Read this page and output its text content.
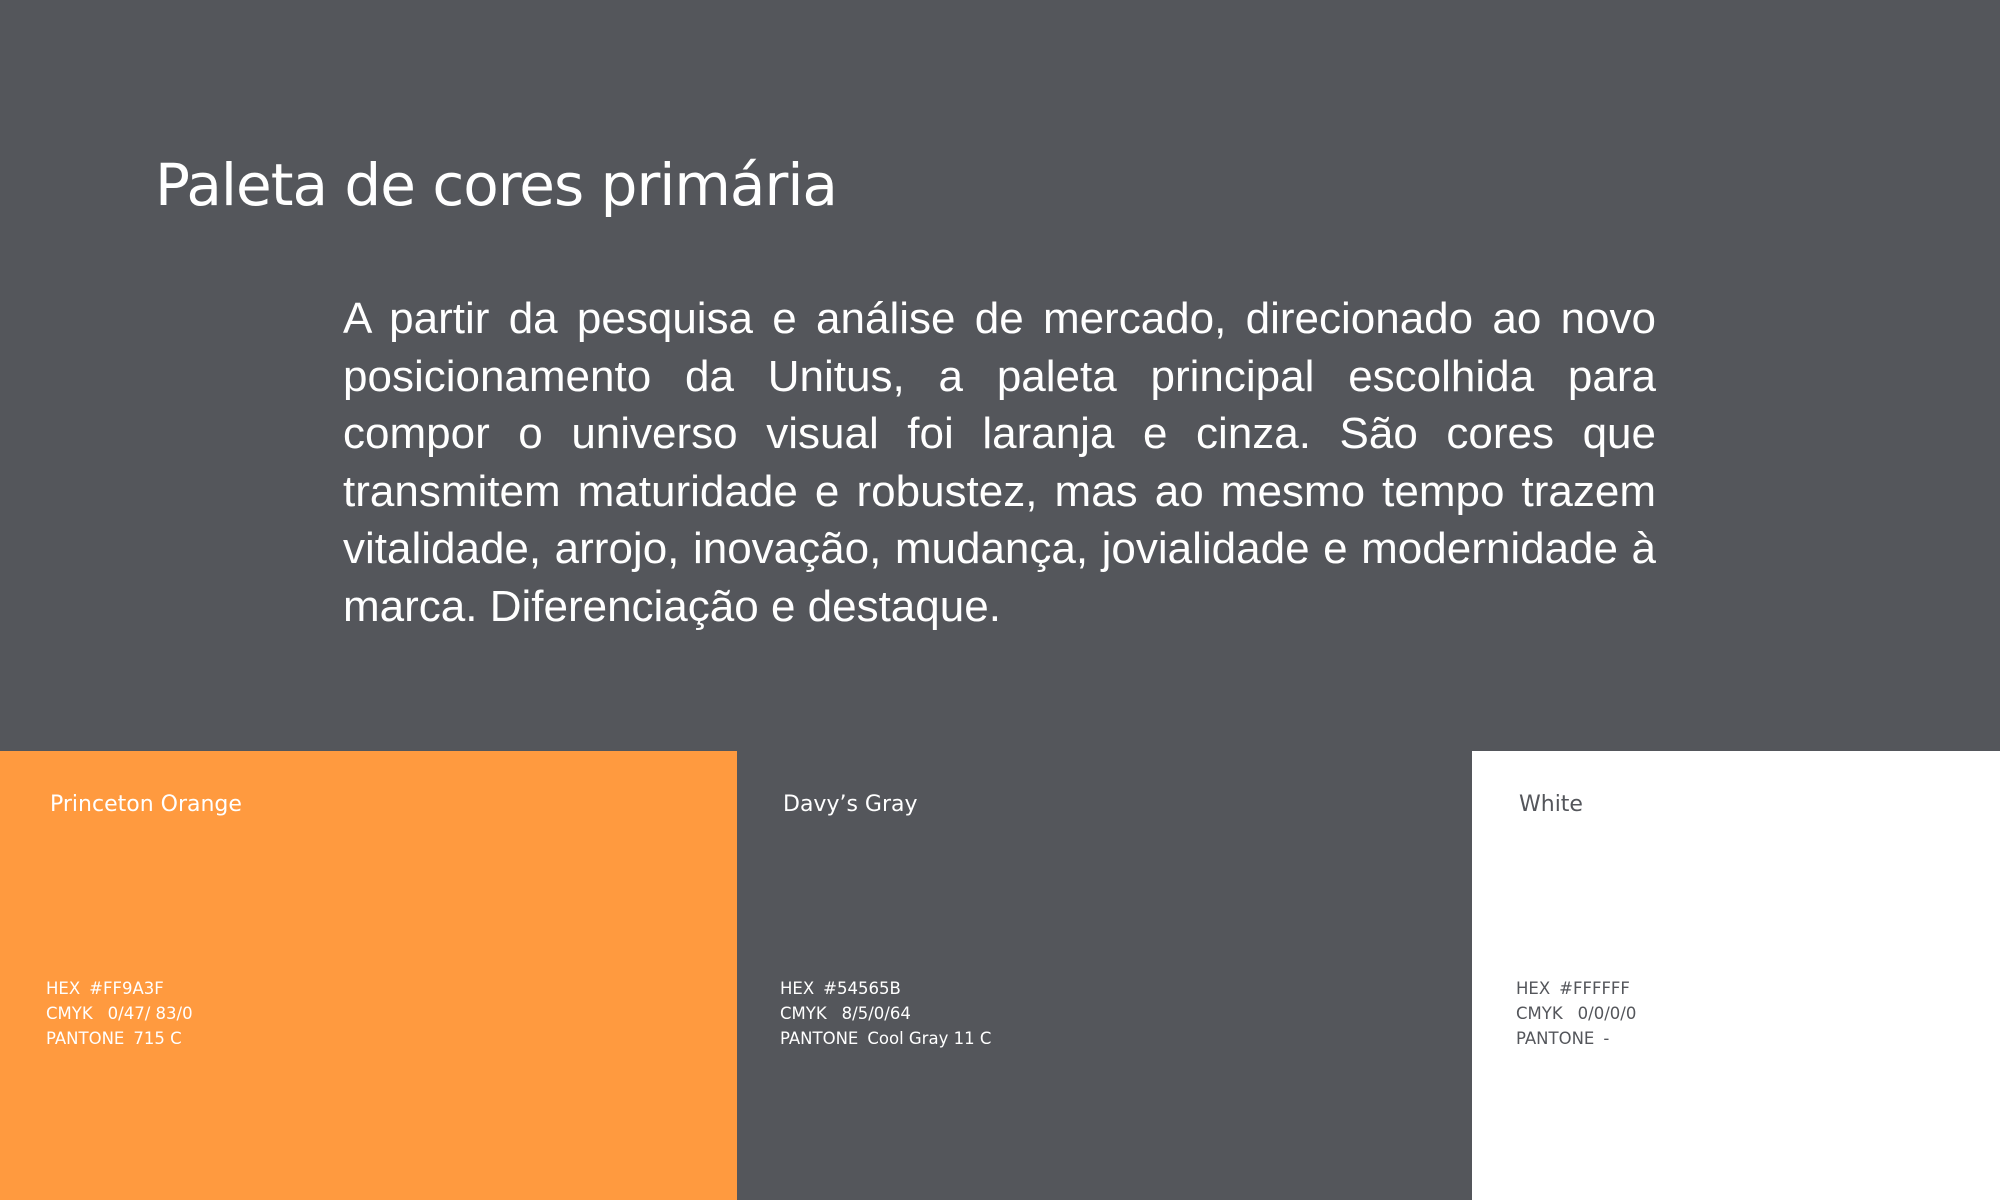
Paleta de cores primária

A partir da pesquisa e análise de mercado, direcionado ao novo posicionamento da Unitus, a paleta principal escolhida para compor o universo visual foi laranja e cinza. São cores que transmitem maturidade e robustez, mas ao mesmo tempo trazem vitalidade, arrojo, inovação, mudança, jovialidade e modernidade à marca. Diferenciação e destaque.

Princeton Orange
HEX #FF9A3F
CMYK 0/47/ 83/0
PANTONE 715 C
Davy’s Gray
HEX #54565B
CMYK 8/5/0/64
PANTONE Cool Gray 11 C
White
HEX #FFFFFF
CMYK 0/0/0/0
PANTONE -
